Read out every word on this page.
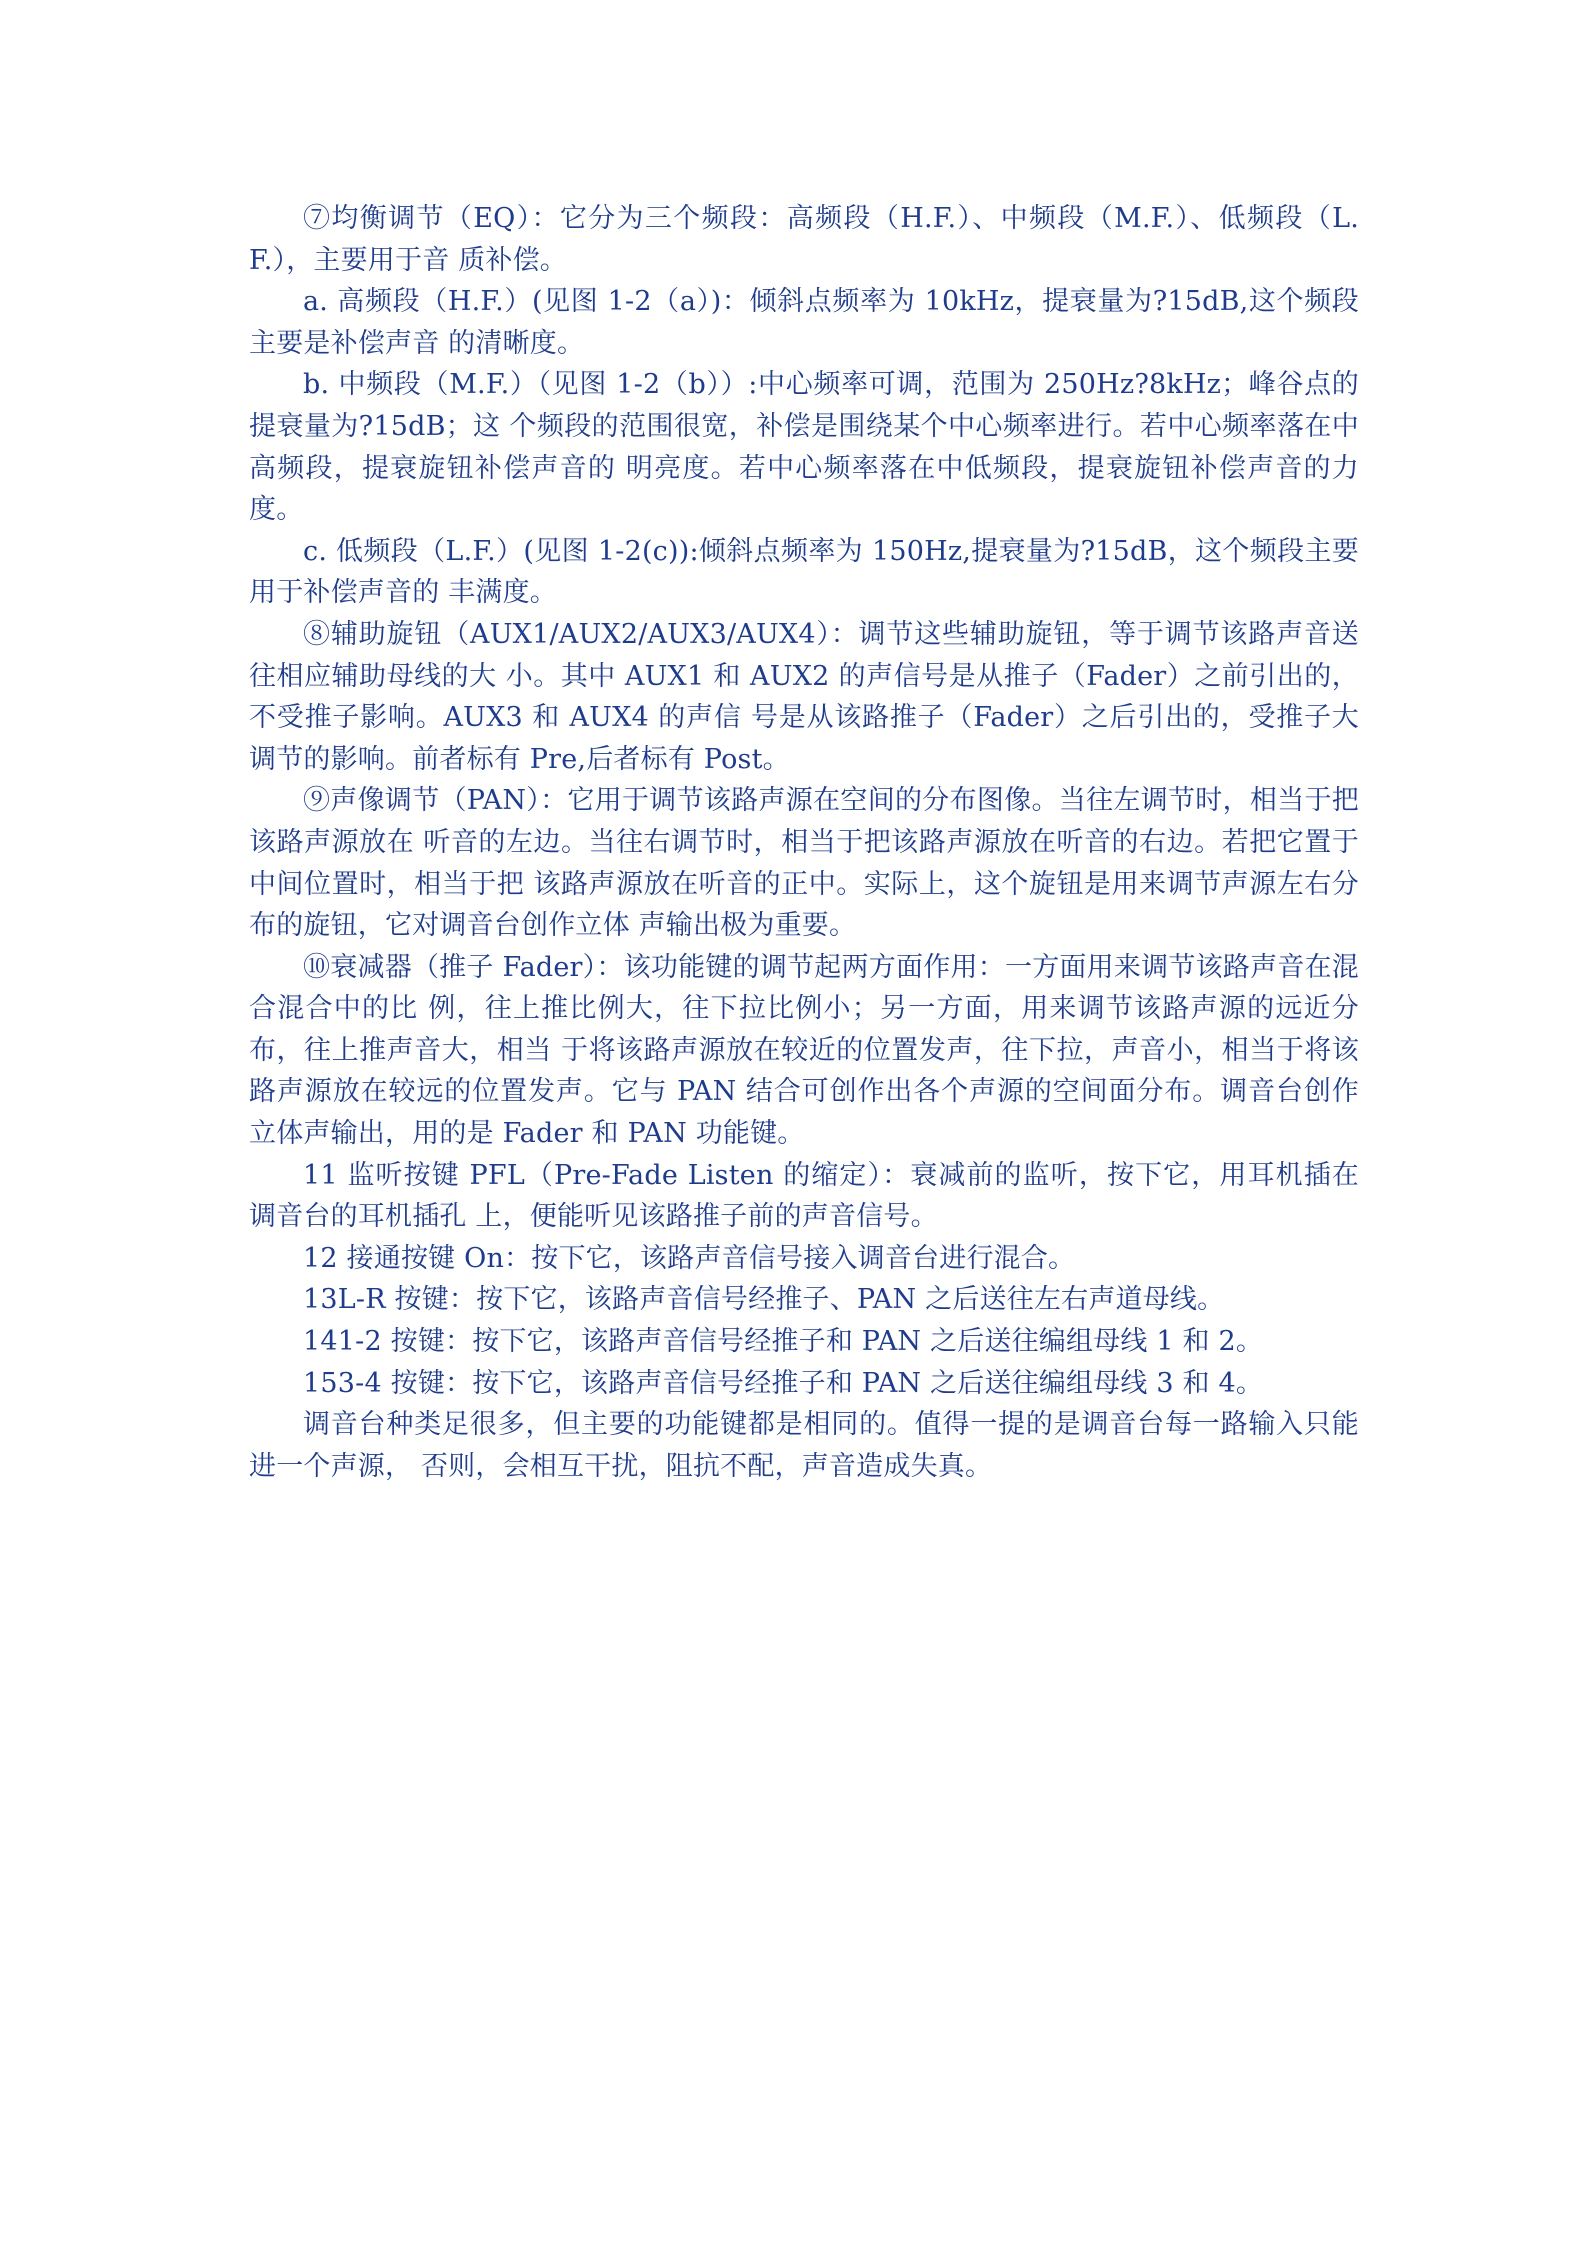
⑦均衡调节（EQ）：它分为三个频段：高频段（H.F.）、中频段（M.F.）、低频段（L.F.），主要用于音 质补偿。

a. 高频段（H.F.）(见图 1-2（a）)：倾斜点频率为 10kHz，提衰量为?15dB,这个频段主要是补偿声音 的清晰度。

b. 中频段（M.F.）（见图 1-2（b））:中心频率可调，范围为 250Hz?8kHz；峰谷点的提衰量为?15dB；这 个频段的范围很宽，补偿是围绕某个中心频率进行。若中心频率落在中高频段，提衰旋钮补偿声音的 明亮度。若中心频率落在中低频段，提衰旋钮补偿声音的力度。

c. 低频段（L.F.）(见图 1-2(c)):倾斜点频率为 150Hz,提衰量为?15dB，这个频段主要用于补偿声音的 丰满度。

⑧辅助旋钮（AUX1/AUX2/AUX3/AUX4）：调节这些辅助旋钮，等于调节该路声音送往相应辅助母线的大 小。其中 AUX1 和 AUX2 的声信号是从推子（Fader）之前引出的，不受推子影响。AUX3 和 AUX4 的声信 号是从该路推子（Fader）之后引出的，受推子大调节的影响。前者标有 Pre,后者标有 Post。

⑨声像调节（PAN）：它用于调节该路声源在空间的分布图像。当往左调节时，相当于把该路声源放在 听音的左边。当往右调节时，相当于把该路声源放在听音的右边。若把它置于中间位置时，相当于把 该路声源放在听音的正中。实际上，这个旋钮是用来调节声源左右分布的旋钮，它对调音台创作立体 声输出极为重要。

⑩衰减器（推子 Fader）：该功能键的调节起两方面作用：一方面用来调节该路声音在混合混合中的比 例，往上推比例大，往下拉比例小；另一方面，用来调节该路声源的远近分布，往上推声音大，相当 于将该路声源放在较近的位置发声，往下拉，声音小，相当于将该路声源放在较远的位置发声。它与 PAN 结合可创作出各个声源的空间面分布。调音台创作立体声输出，用的是 Fader 和 PAN 功能键。

11 监听按键 PFL（Pre-Fade Listen 的缩定）：衰减前的监听，按下它，用耳机插在调音台的耳机插孔 上，便能听见该路推子前的声音信号。

12 接通按键 On：按下它，该路声音信号接入调音台进行混合。

13L-R 按键：按下它，该路声音信号经推子、PAN 之后送往左右声道母线。

141-2 按键：按下它，该路声音信号经推子和 PAN 之后送往编组母线 1 和 2。

153-4 按键：按下它，该路声音信号经推子和 PAN 之后送往编组母线 3 和 4。

调音台种类足很多，但主要的功能键都是相同的。值得一提的是调音台每一路输入只能进一个声源， 否则，会相互干扰，阻抗不配，声音造成失真。
